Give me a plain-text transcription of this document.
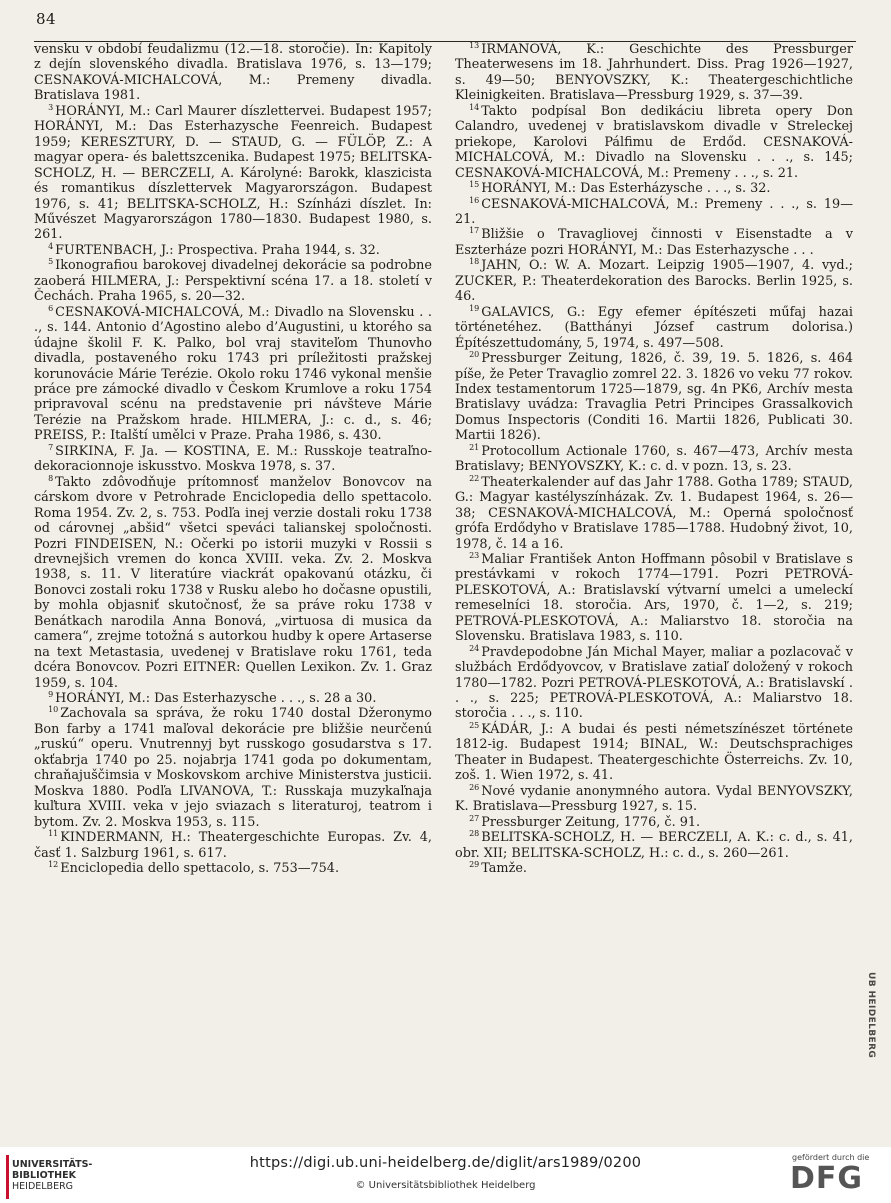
84

vensku v období feudalizmu (12.—18. storočie). In: Kapitoly z dejín slovenského divadla. Bratislava 1976, s. 13—179; CESNAKOVÁ-MICHALCOVÁ, M.: Premeny divadla. Bratislava 1981.

$^3$ HORÁNYI, M.: Carl Maurer díszlettervei. Budapest 1957; HORÁNYI, M.: Das Esterhazysche Feenreich. Budapest 1959; KERESZTURY, D. — STAUD, G. — FÜLÖP, Z.: A magyar opera- és balettszcenika. Budapest 1975; BELITSKA-SCHOLZ, H. — BERCZELI, A. Károlyné: Barokk, klaszicista és romantikus díszlettervek Magyarországon. Budapest 1976, s. 41; BELITSKA-SCHOLZ, H.: Színházi díszlet. In: Művészet Magyarországon 1780—1830. Budapest 1980, s. 261.

$^4$ FURTENBACH, J.: Prospectiva. Praha 1944, s. 32.

$^5$ Ikonografiou barokovej divadelnej dekorácie sa podrobne zaoberá HILMERA, J.: Perspektivní scéna 17. a 18. století v Čechách. Praha 1965, s. 20—32.

$^6$ CESNAKOVÁ-MICHALCOVÁ, M.: Divadlo na Slovensku . . ., s. 144. Antonio d’Agostino alebo d’Augustini, u ktorého sa údajne školil F. K. Palko, bol vraj staviteľom Thunovho divadla, postaveného roku 1743 pri príležitosti pražskej korunovácie Márie Terézie. Okolo roku 1746 vykonal menšie práce pre zámocké divadlo v Českom Krumlove a roku 1754 pripravoval scénu na predstavenie pri návšteve Márie Terézie na Pražskom hrade. HILMERA, J.: c. d., s. 46; PREISS, P.: Italští umělci v Praze. Praha 1986, s. 430.

$^7$ SIRKINA, F. Ja. — KOSTINA, E. M.: Russkoje teatraľno-dekoracionnoje iskusstvo. Moskva 1978, s. 37.

$^8$ Takto zdôvodňuje prítomnosť manželov Bonovcov na cárskom dvore v Petrohrade Enciclopedia dello spettacolo. Roma 1954. Zv. 2, s. 753. Podľa inej verzie dostali roku 1738 od cárovnej „abšid“ všetci speváci talianskej spoločnosti. Pozri FINDEISEN, N.: Očerki po istorii muzyki v Rossii s drevnejšich vremen do konca XVIII. veka. Zv. 2. Moskva 1938, s. 11. V literatúre viackrát opakovanú otázku, či Bonovci zostali roku 1738 v Rusku alebo ho dočasne opustili, by mohla objasniť skutočnosť, že sa práve roku 1738 v Benátkach narodila Anna Bonová, „virtuosa di musica da camera“, zrejme totožná s autorkou hudby k opere Artaserse na text Metastasia, uvedenej v Bratislave roku 1761, teda dcéra Bonovcov. Pozri EITNER: Quellen Lexikon. Zv. 1. Graz 1959, s. 104.

$^9$ HORÁNYI, M.: Das Esterhazysche . . ., s. 28 a 30.

$^{10}$ Zachovala sa správa, že roku 1740 dostal Džeronymo Bon farby a 1741 maľoval dekorácie pre bližšie neurčenú „ruskú“ operu. Vnutrennyj byt russkogo gosudarstva s 17. okťabrja 1740 po 25. nojabrja 1741 goda po dokumentam, chraňajuščimsia v Moskovskom archive Ministerstva justicii. Moskva 1880. Podľa LIVANOVA, T.: Russkaja muzykaľnaja kuľtura XVIII. veka v jejo sviazach s literaturoj, teatrom i bytom. Zv. 2. Moskva 1953, s. 115.

$^{11}$ KINDERMANN, H.: Theatergeschichte Europas. Zv. 4, časť 1. Salzburg 1961, s. 617.

$^{12}$ Enciclopedia dello spettacolo, s. 753—754.

$^{13}$ IRMANOVÁ, K.: Geschichte des Pressburger Theaterwesens im 18. Jahrhundert. Diss. Prag 1926—1927, s. 49—50; BENYOVSZKY, K.: Theatergeschichtliche Kleinigkeiten. Bratislava—Pressburg 1929, s. 37—39.

$^{14}$ Takto podpísal Bon dedikáciu libreta opery Don Calandro, uvedenej v bratislavskom divadle v Streleckej priekope, Karolovi Pálfimu de Erdőd. CESNAKOVÁ-MICHALCOVÁ, M.: Divadlo na Slovensku . . ., s. 145; CESNAKOVÁ-MICHALCOVÁ, M.: Premeny . . ., s. 21.

$^{15}$ HORÁNYI, M.: Das Esterházysche . . ., s. 32.

$^{16}$ CESNAKOVÁ-MICHALCOVÁ, M.: Premeny . . ., s. 19—21.

$^{17}$ Bližšie o Travagliovej činnosti v Eisenstadte a v Eszterháze pozri HORÁNYI, M.: Das Esterhazysche . . .

$^{18}$ JAHN, O.: W. A. Mozart. Leipzig 1905—1907, 4. vyd.; ZUCKER, P.: Theaterdekoration des Barocks. Berlin 1925, s. 46.

$^{19}$ GALAVICS, G.: Egy efemer építészeti műfaj hazai történetéhez. (Batthányi József castrum dolorisa.) Építészettudomány, 5, 1974, s. 497—508.

$^{20}$ Pressburger Zeitung, 1826, č. 39, 19. 5. 1826, s. 464 píše, že Peter Travaglio zomrel 22. 3. 1826 vo veku 77 rokov. Index testamentorum 1725—1879, sg. 4n PK6, Archív mesta Bratislavy uvádza: Travaglia Petri Principes Grassalkovich Domus Inspectoris (Conditi 16. Martii 1826, Publicati 30. Martii 1826).

$^{21}$ Protocollum Actionale 1760, s. 467—473, Archív mesta Bratislavy; BENYOVSZKY, K.: c. d. v pozn. 13, s. 23.

$^{22}$ Theaterkalender auf das Jahr 1788. Gotha 1789; STAUD, G.: Magyar kastélyszínházak. Zv. 1. Budapest 1964, s. 26—38; CESNAKOVÁ-MICHALCOVÁ, M.: Operná spoločnosť grófa Erdődyho v Bratislave 1785—1788. Hudobný život, 10, 1978, č. 14 a 16.

$^{23}$ Maliar František Anton Hoffmann pôsobil v Bratislave s prestávkami v rokoch 1774—1791. Pozri PETROVÁ-PLESKOTOVÁ, A.: Bratislavskí výtvarní umelci a umeleckí remeselníci 18. storočia. Ars, 1970, č. 1—2, s. 219; PETROVÁ-PLESKOTOVÁ, A.: Maliarstvo 18. storočia na Slovensku. Bratislava 1983, s. 110.

$^{24}$ Pravdepodobne Ján Michal Mayer, maliar a pozlacovač v službách Erdődyovcov, v Bratislave zatiaľ doložený v rokoch 1780—1782. Pozri PETROVÁ-PLESKOTOVÁ, A.: Bratislavskí . . ., s. 225; PETROVÁ-PLESKOTOVÁ, A.: Maliarstvo 18. storočia . . ., s. 110.

$^{25}$ KÁDÁR, J.: A budai és pesti németszínészet története 1812-ig. Budapest 1914; BINAL, W.: Deutschsprachiges Theater in Budapest. Theatergeschichte Österreichs. Zv. 10, zoš. 1. Wien 1972, s. 41.

$^{26}$ Nové vydanie anonymného autora. Vydal BENYOVSZKY, K. Bratislava—Pressburg 1927, s. 15.

$^{27}$ Pressburger Zeitung, 1776, č. 91.

$^{28}$ BELITSKA-SCHOLZ, H. — BERCZELI, A. K.: c. d., s. 41, obr. XII; BELITSKA-SCHOLZ, H.: c. d., s. 260—261.

$^{29}$ Tamže.

UB HEIDELBERG
UNIVERSITÄTS-
BIBLIOTHEK
HEIDELBERG
https://digi.ub.uni-heidelberg.de/diglit/ars1989/0200
© Universitätsbibliothek Heidelberg
gefördert durch die
DFG
